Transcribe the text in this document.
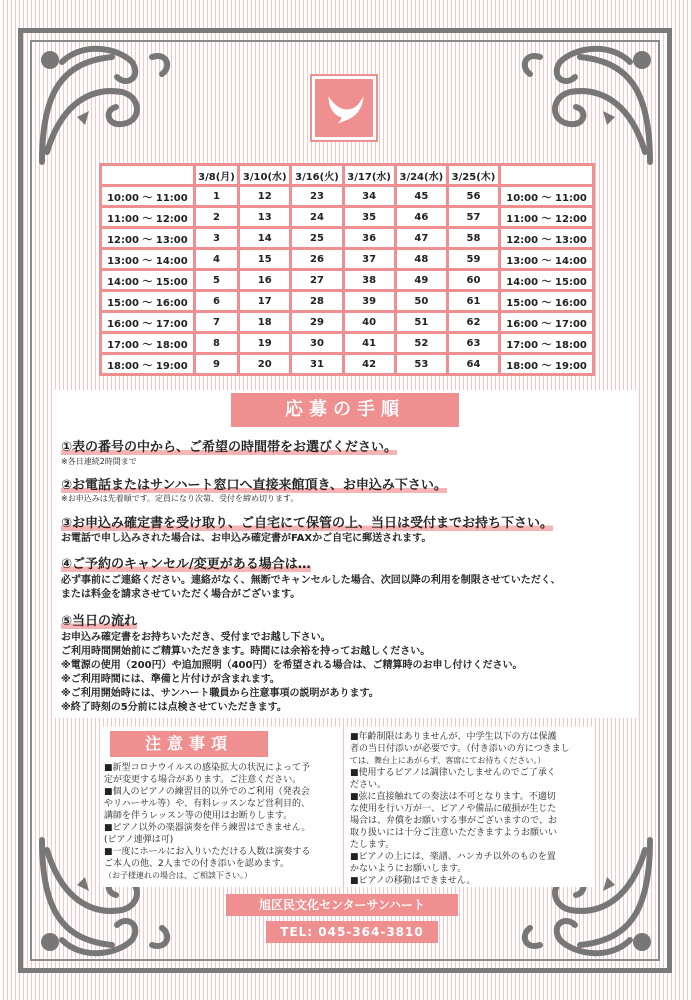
	3/8(月)	3/10(水)	3/16(火)	3/17(水)	3/24(水)	3/25(木)	
10:00 ～ 11:00	1	12	23	34	45	56	10:00 ～ 11:00
11:00 ～ 12:00	2	13	24	35	46	57	11:00 ～ 12:00
12:00 ～ 13:00	3	14	25	36	47	58	12:00 ～ 13:00
13:00 ～ 14:00	4	15	26	37	48	59	13:00 ～ 14:00
14:00 ～ 15:00	5	16	27	38	49	60	14:00 ～ 15:00
15:00 ～ 16:00	6	17	28	39	50	61	15:00 ～ 16:00
16:00 ～ 17:00	7	18	29	40	51	62	16:00 ～ 17:00
17:00 ～ 18:00	8	19	30	41	52	63	17:00 ～ 18:00
18:00 ～ 19:00	9	20	31	42	53	64	18:00 ～ 19:00
応募の手順
①表の番号の中から、ご希望の時間帯をお選びください。
※各日連続2時間まで
②お電話またはサンハート窓口へ直接来館頂き、お申込み下さい。
※お申込みは先着順です。定員になり次第、受付を締め切ります。
③お申込み確定書を受け取り、ご自宅にて保管の上、当日は受付までお持ち下さい。
お電話で申し込みされた場合は、お申込み確定書がFAXかご自宅に郵送されます。
④ご予約のキャンセル/変更がある場合は…
必ず事前にご連絡ください。連絡がなく、無断でキャンセルした場合、次回以降の利用を制限させていただく、
または料金を請求させていただく場合がございます。
⑤当日の流れ
お申込み確定書をお持ちいただき、受付までお越し下さい。
ご利用時間開始前にご精算いただきます。時間には余裕を持ってお越しください。
※電源の使用（200円）や追加照明（400円）を希望される場合は、ご精算時のお申し付けください。
※ご利用時間には、準備と片付けが含まれます。
※ご利用開始時には、サンハート職員から注意事項の説明があります。
※終了時刻の5分前には点検させていただきます。
注意事項
■新型コロナウイルスの感染拡大の状況によって予
定が変更する場合があります。ご注意ください。
■個人のピアノの練習目的以外でのご利用（発表会
やリハーサル等）や、有料レッスンなど営利目的、
講師を伴うレッスン等の使用はお断りします。
■ピアノ以外の楽器演奏を伴う練習はできません。
(ピアノ連弾は可)
■一度にホールにお入りいただける人数は演奏する
ご本人の他、2人までの付き添いを認めます。
（お子様連れの場合は、ご相談下さい。）
■年齢制限はありませんが、中学生以下の方は保護
者の当日付添いが必要です。（付き添いの方につきまし
ては、舞台上にあがらず、客席にてお待ちください。）
■使用するピアノは調律いたしませんのでご了承く
ださい。
■弦に直接触れての奏法は不可となります。不適切
な使用を行い万が一、ピアノや備品に破損が生じた
場合は、弁償をお願いする事がございますので、お
取り扱いには十分ご注意いただきますようお願いい
たします。
■ピアノの上には、楽譜、ハンカチ以外のものを置
かないようにお願いします。
■ピアノの移動はできません。
旭区民文化センターサンハート
TEL: 045-364-3810
